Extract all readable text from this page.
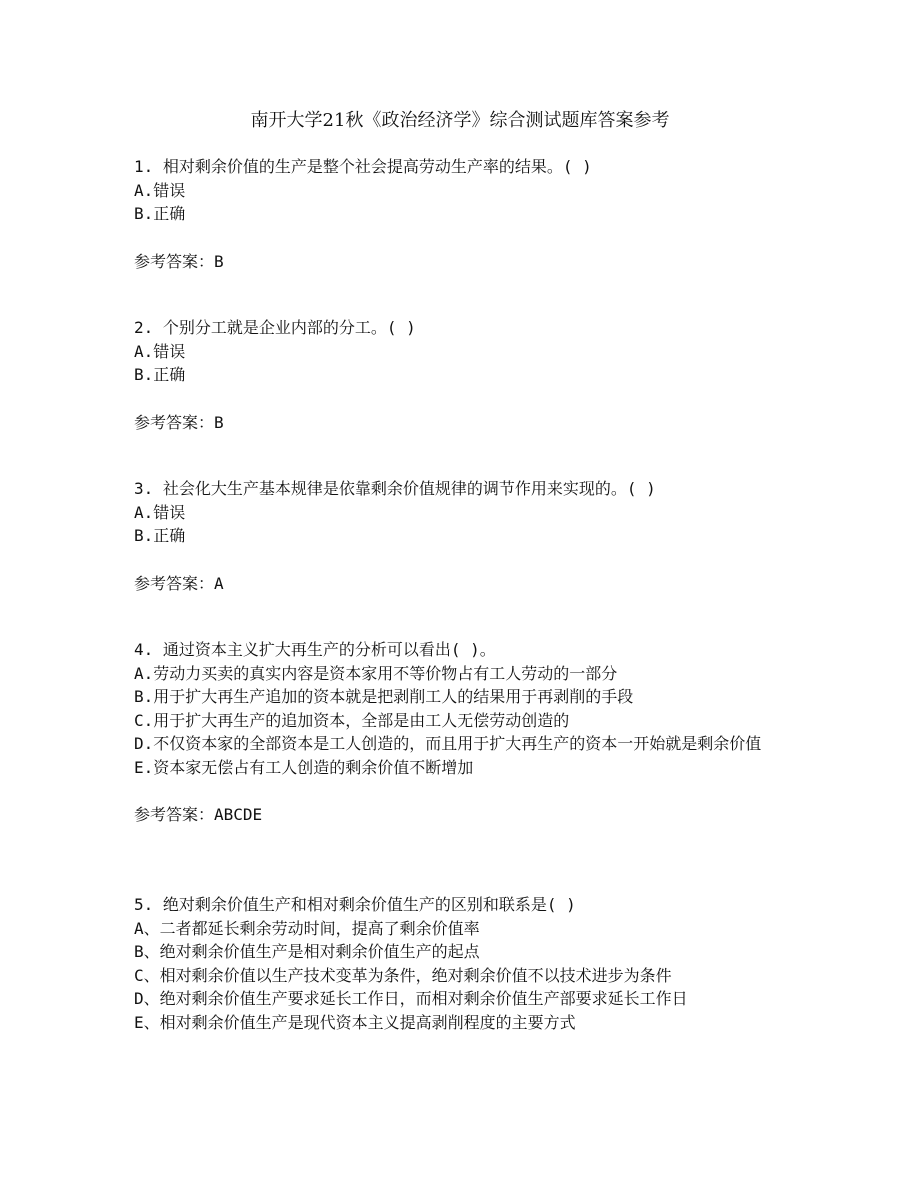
南开大学21秋《政治经济学》综合测试题库答案参考

1. 相对剩余价值的生产是整个社会提高劳动生产率的结果。( )

A.错误

B.正确

参考答案：B

2. 个别分工就是企业内部的分工。( )

A.错误

B.正确

参考答案：B

3. 社会化大生产基本规律是依靠剩余价值规律的调节作用来实现的。( )

A.错误

B.正确

参考答案：A

4. 通过资本主义扩大再生产的分析可以看出( )。

A.劳动力买卖的真实内容是资本家用不等价物占有工人劳动的一部分

B.用于扩大再生产追加的资本就是把剥削工人的结果用于再剥削的手段

C.用于扩大再生产的追加资本，全部是由工人无偿劳动创造的

D.不仅资本家的全部资本是工人创造的，而且用于扩大再生产的资本一开始就是剩余价值

E.资本家无偿占有工人创造的剩余价值不断增加

参考答案：ABCDE

5. 绝对剩余价值生产和相对剩余价值生产的区别和联系是( )

A、二者都延长剩余劳动时间，提高了剩余价值率

B、绝对剩余价值生产是相对剩余价值生产的起点

C、相对剩余价值以生产技术变革为条件，绝对剩余价值不以技术进步为条件

D、绝对剩余价值生产要求延长工作日，而相对剩余价值生产部要求延长工作日

E、相对剩余价值生产是现代资本主义提高剥削程度的主要方式
